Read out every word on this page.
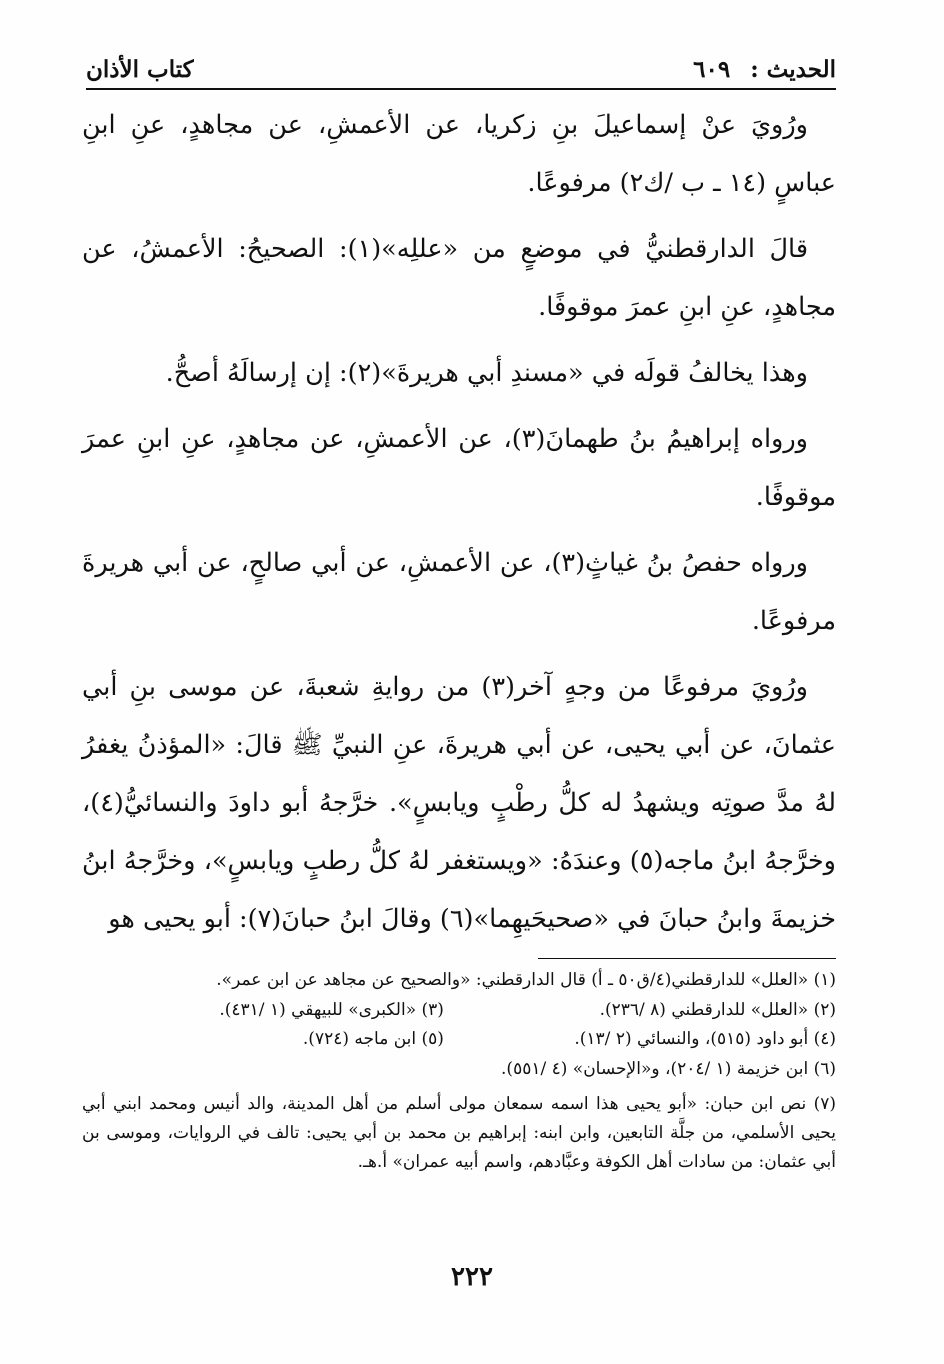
الحديث :٦٠٩
كتاب الأذان

ورُويَ عنْ إسماعيلَ بنِ زكريا، عن الأعمشِ، عن مجاهدٍ، عنِ ابنِ عباسٍ (١٤ ـ ب /ك٢) مرفوعًا.

قالَ الدارقطنيُّ في موضعٍ من «عللِه»(١): الصحيحُ: الأعمشُ، عن مجاهدٍ، عنِ ابنِ عمرَ موقوفًا.

وهذا يخالفُ قولَه في «مسندِ أبي هريرةَ»(٢): إن إرسالَهُ أصحُّ.

ورواه إبراهيمُ بنُ طهمانَ(٣)، عن الأعمشِ، عن مجاهدٍ، عنِ ابنِ عمرَ موقوفًا.

ورواه حفصُ بنُ غياثٍ(٣)، عن الأعمشِ، عن أبي صالحٍ، عن أبي هريرةَ مرفوعًا.

ورُويَ مرفوعًا من وجهٍ آخر(٣) من روايةِ شعبةَ، عن موسى بنِ أبي عثمانَ، عن أبي يحيى، عن أبي هريرةَ، عنِ النبيِّ ﷺ قالَ: «المؤذنُ يغفرُ لهُ مدَّ صوتِه ويشهدُ له كلُّ رطْبٍ ويابسٍ». خرَّجهُ أبو داودَ والنسائيُّ(٤)، وخرَّجهُ ابنُ ماجه(٥) وعندَهُ: «ويستغفر لهُ كلُّ رطبٍ ويابسٍ»، وخرَّجهُ ابنُ خزيمةَ وابنُ حبانَ في «صحيحَيهِما»(٦) وقالَ ابنُ حبانَ(٧): أبو يحيى هو

(١) «العلل» للدارقطني(٤/ق٥٠ ـ أ) قال الدارقطني: «والصحيح عن مجاهد عن ابن عمر».

(٢) «العلل» للدارقطني (٨ /٢٣٦).
(٣) «الكبرى» للبيهقي (١ /٤٣١).
(٤) أبو داود (٥١٥)، والنسائي (٢ /١٣).
(٥) ابن ماجه (٧٢٤).

(٦) ابن خزيمة (١ /٢٠٤)، و«الإحسان» (٤ /٥٥١).

(٧) نص ابن حبان: «أبو يحيى هذا اسمه سمعان مولى أسلم من أهل المدينة، والد أنيس ومحمد ابني أبي يحيى الأسلمي، من جلَّة التابعين، وابن ابنه: إبراهيم بن محمد بن أبي يحيى: تالف في الروايات، وموسى بن أبي عثمان: من سادات أهل الكوفة وعبَّادهم، واسم أبيه عمران» أ.هـ.

٢٢٢
